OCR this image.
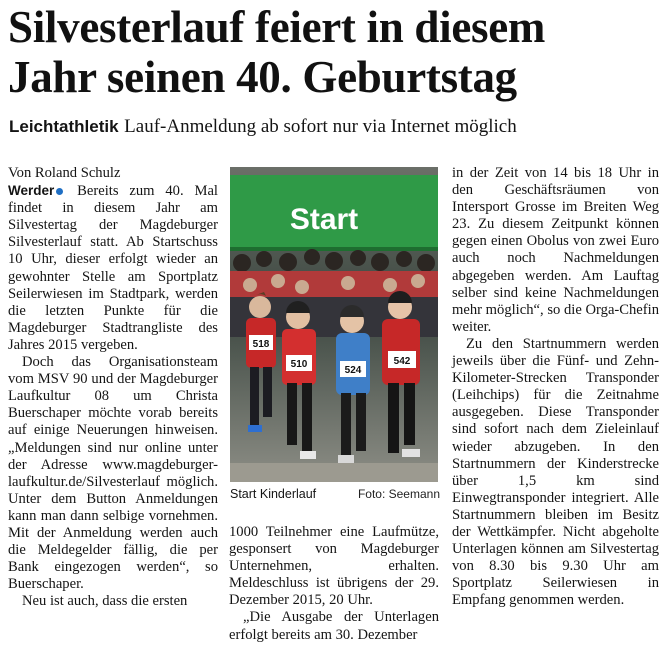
Silvesterlauf feiert in diesem
Jahr seinen 40. Geburtstag
Leichtathletik Lauf-Anmeldung ab sofort nur via Internet möglich
Von Roland Schulz

Werder Bereits zum 40. Mal findet in diesem Jahr am Silvestertag der Magdeburger Silvesterlauf statt. Ab Startschuss 10 Uhr, dieser erfolgt wieder an gewohnter Stelle am Sportplatz Seilerwiesen im Stadtpark, werden die letzten Punkte für die Magdeburger Stadtrangliste des Jahres 2015 vergeben.

Doch das Organisationsteam vom MSV 90 und der Magdeburger Laufkultur 08 um Christa Buerschaper möchte vorab bereits auf einige Neuerungen hinweisen. „Meldungen sind nur online unter der Adresse www.magdeburger-laufkultur.de/Silvesterlauf möglich. Unter dem Button Anmeldungen kann man dann selbige vornehmen. Mit der Anmeldung werden auch die Meldegelder fällig, die per Bank eingezogen werden“, so Buerschaper.

Neu ist auch, dass die ersten

Start
518
510
524
542
Start Kinderlauf	Foto: Seemann

1000 Teilnehmer eine Laufmütze, gesponsert von Magdeburger Unternehmen, erhalten. Meldeschluss ist übrigens der 29. Dezember 2015, 20 Uhr.

„Die Ausgabe der Unterlagen erfolgt bereits am 30. Dezember

in der Zeit von 14 bis 18 Uhr in den Geschäftsräumen von Intersport Grosse im Breiten Weg 23. Zu diesem Zeitpunkt können gegen einen Obolus von zwei Euro auch noch Nachmeldungen abgegeben werden. Am Lauftag selber sind keine Nachmeldungen mehr möglich“, so die Orga-Chefin weiter.

Zu den Startnummern werden jeweils über die Fünf- und Zehn-Kilometer-Strecken Transponder (Leihchips) für die Zeitnahme ausgegeben. Diese Transponder sind sofort nach dem Zieleinlauf wieder abzugeben. In den Startnummern der Kinderstrecke über 1,5 km sind Einwegtransponder integriert. Alle Startnummern bleiben im Besitz der Wettkämpfer. Nicht abgeholte Unterlagen können am Silvestertag von 8.30 bis 9.30 Uhr am Sportplatz Seilerwiesen in Empfang genommen werden.
